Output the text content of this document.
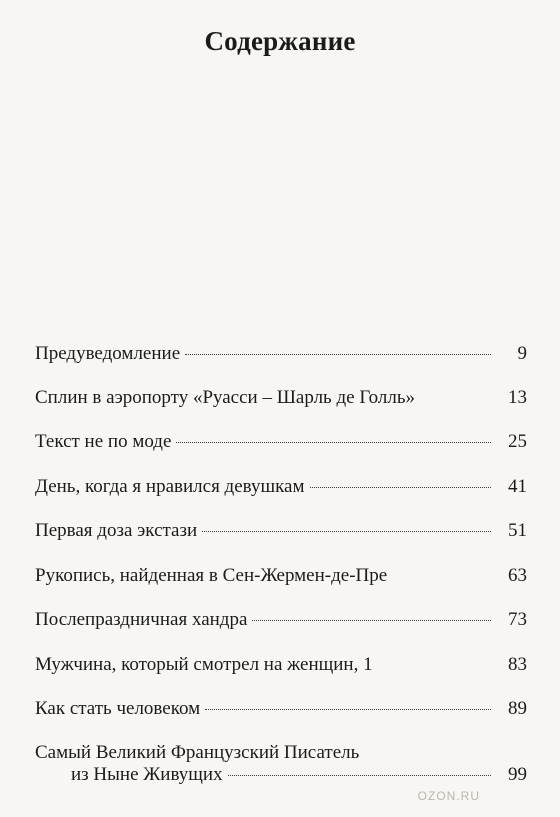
Содержание
Предуведомление	9
Сплин в аэропорту «Руасси – Шарль де Голль»	13
Текст не по моде	25
День, когда я нравился девушкам	41
Первая доза экстази	51
Рукопись, найденная в Сен-Жермен-де-Пре	63
Послепраздничная хандра	73
Мужчина, который смотрел на женщин, 1	83
Как стать человеком	89
Самый Великий Французский Писатель
из Ныне Живущих	99
OZON.RU
